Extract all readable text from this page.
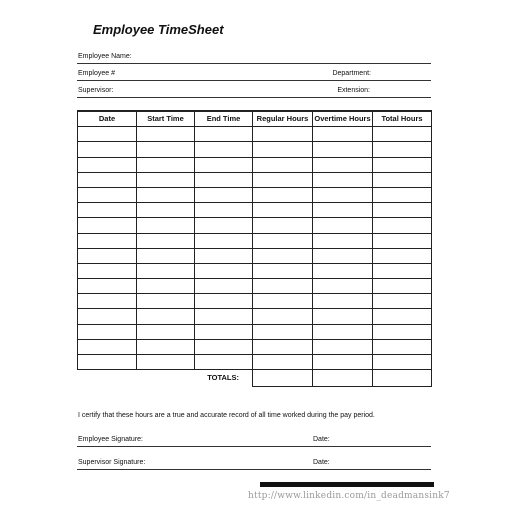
Employee TimeSheet
Employee Name:
Employee #	Department:
Supervisor:	Extension:
Date	Start Time	End Time	Regular Hours	Overtime Hours	Total Hours

		TOTALS:			
I certify that these hours are a true and accurate record of all time worked during the pay period.
Employee Signature:	Date:
Supervisor Signature:	Date:
http://www.linkedin.com/in_deadmansink7
